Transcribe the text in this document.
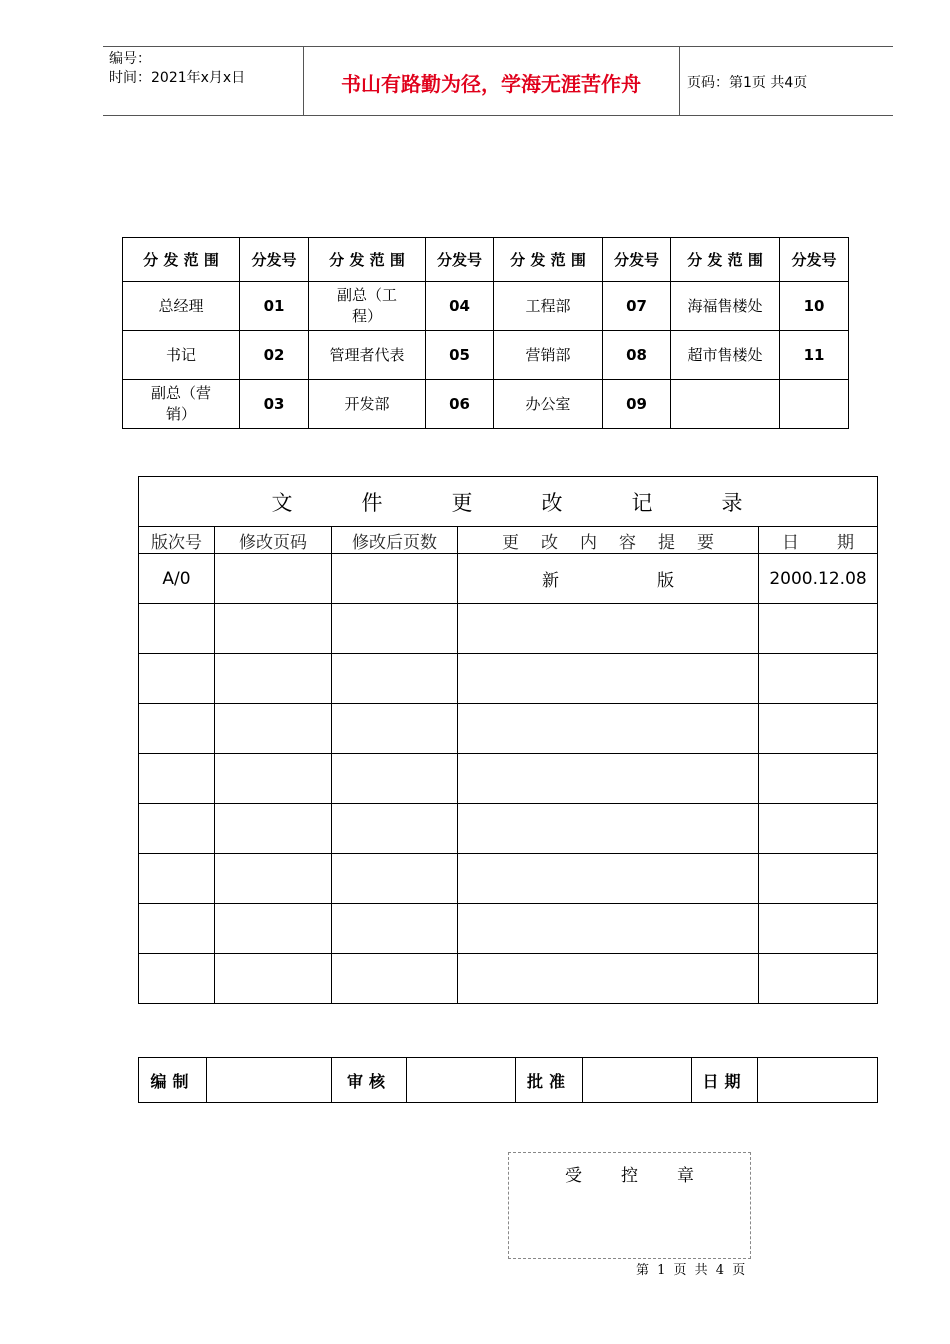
编号：
时间：2021年x月x日	书山有路勤为径，学海无涯苦作舟	页码：第1页 共4页
分 发 范 围	分发号	分 发 范 围	分发号	分 发 范 围	分发号	分 发 范 围	分发号
总经理	01	副总（工程）	04	工程部	07	海福售楼处	10
书记	02	管理者代表	05	营销部	08	超市售楼处	11

副总（营销）	03	开发部	06	办公室	09		
文 件 更 改 记 录				
版次号	修改页码	修改后页数	更 改 内 容 提 要	日 期
A/0			新 版	2000.12.08

编制		审核		批准		日期	
受 控 章
第 1 页 共 4 页
